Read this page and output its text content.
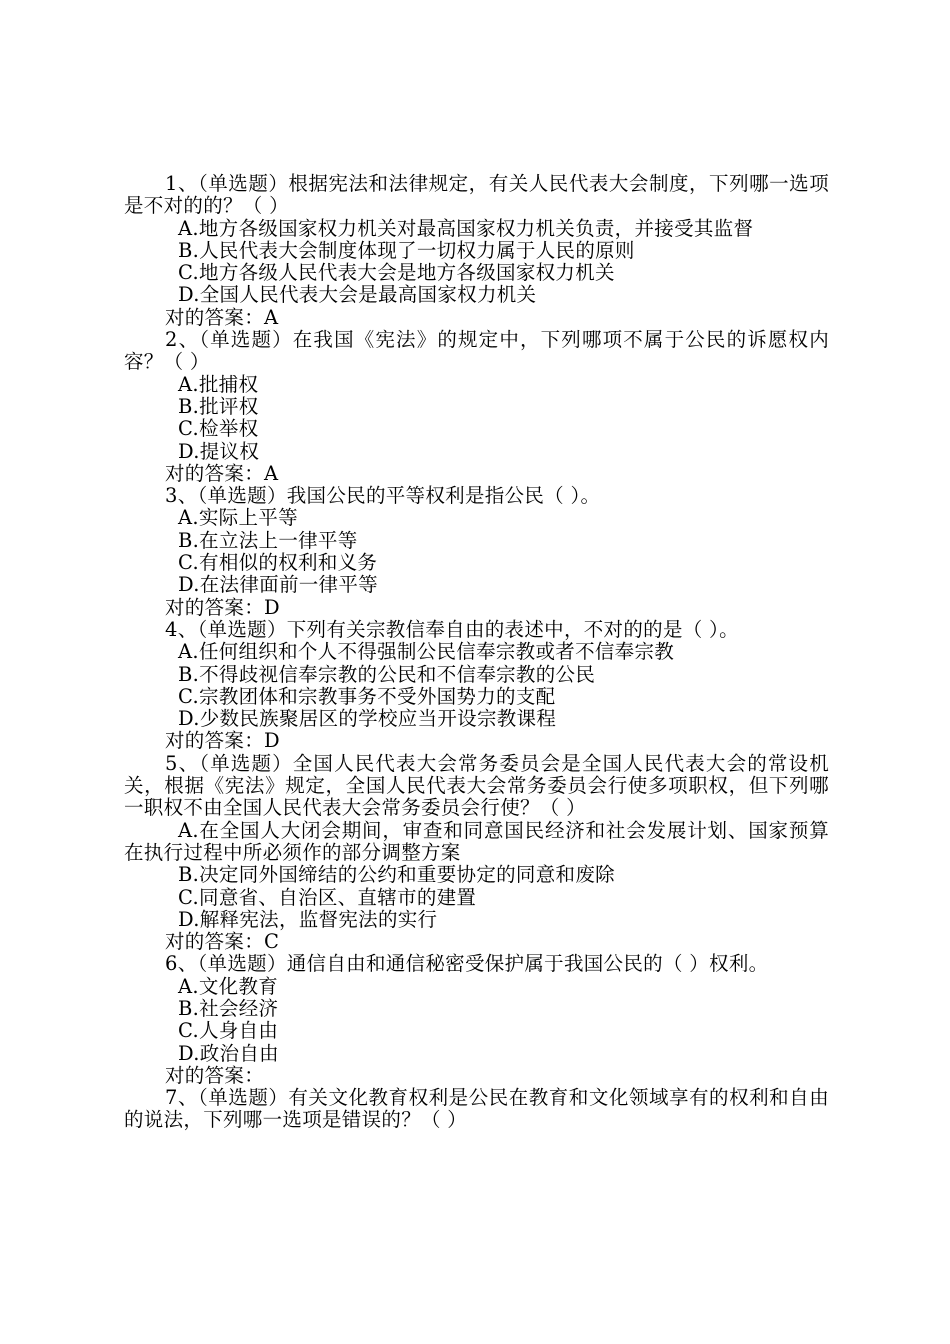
1、（单选题）根据宪法和法律规定，有关人民代表大会制度，下列哪一选项是不对的的？（ ）

A.地方各级国家权力机关对最高国家权力机关负责，并接受其监督

B.人民代表大会制度体现了一切权力属于人民的原则

C.地方各级人民代表大会是地方各级国家权力机关

D.全国人民代表大会是最高国家权力机关

对的答案：A

2、（单选题）在我国《宪法》的规定中，下列哪项不属于公民的诉愿权内容？（ ）

A.批捕权

B.批评权

C.检举权

D.提议权

对的答案：A

3、（单选题）我国公民的平等权利是指公民（ ）。

A.实际上平等

B.在立法上一律平等

C.有相似的权利和义务

D.在法律面前一律平等

对的答案：D

4、（单选题）下列有关宗教信奉自由的表述中，不对的的是（ ）。

A.任何组织和个人不得强制公民信奉宗教或者不信奉宗教

B.不得歧视信奉宗教的公民和不信奉宗教的公民

C.宗教团体和宗教事务不受外国势力的支配

D.少数民族聚居区的学校应当开设宗教课程

对的答案：D

5、（单选题）全国人民代表大会常务委员会是全国人民代表大会的常设机关，根据《宪法》规定，全国人民代表大会常务委员会行使多项职权，但下列哪一职权不由全国人民代表大会常务委员会行使？（ ）

A.在全国人大闭会期间，审查和同意国民经济和社会发展计划、国家预算在执行过程中所必须作的部分调整方案

B.决定同外国缔结的公约和重要协定的同意和废除

C.同意省、自治区、直辖市的建置

D.解释宪法，监督宪法的实行

对的答案：C

6、（单选题）通信自由和通信秘密受保护属于我国公民的（ ）权利。

A.文化教育

B.社会经济

C.人身自由

D.政治自由

对的答案：

7、（单选题）有关文化教育权利是公民在教育和文化领域享有的权利和自由的说法，下列哪一选项是错误的？（ ）
